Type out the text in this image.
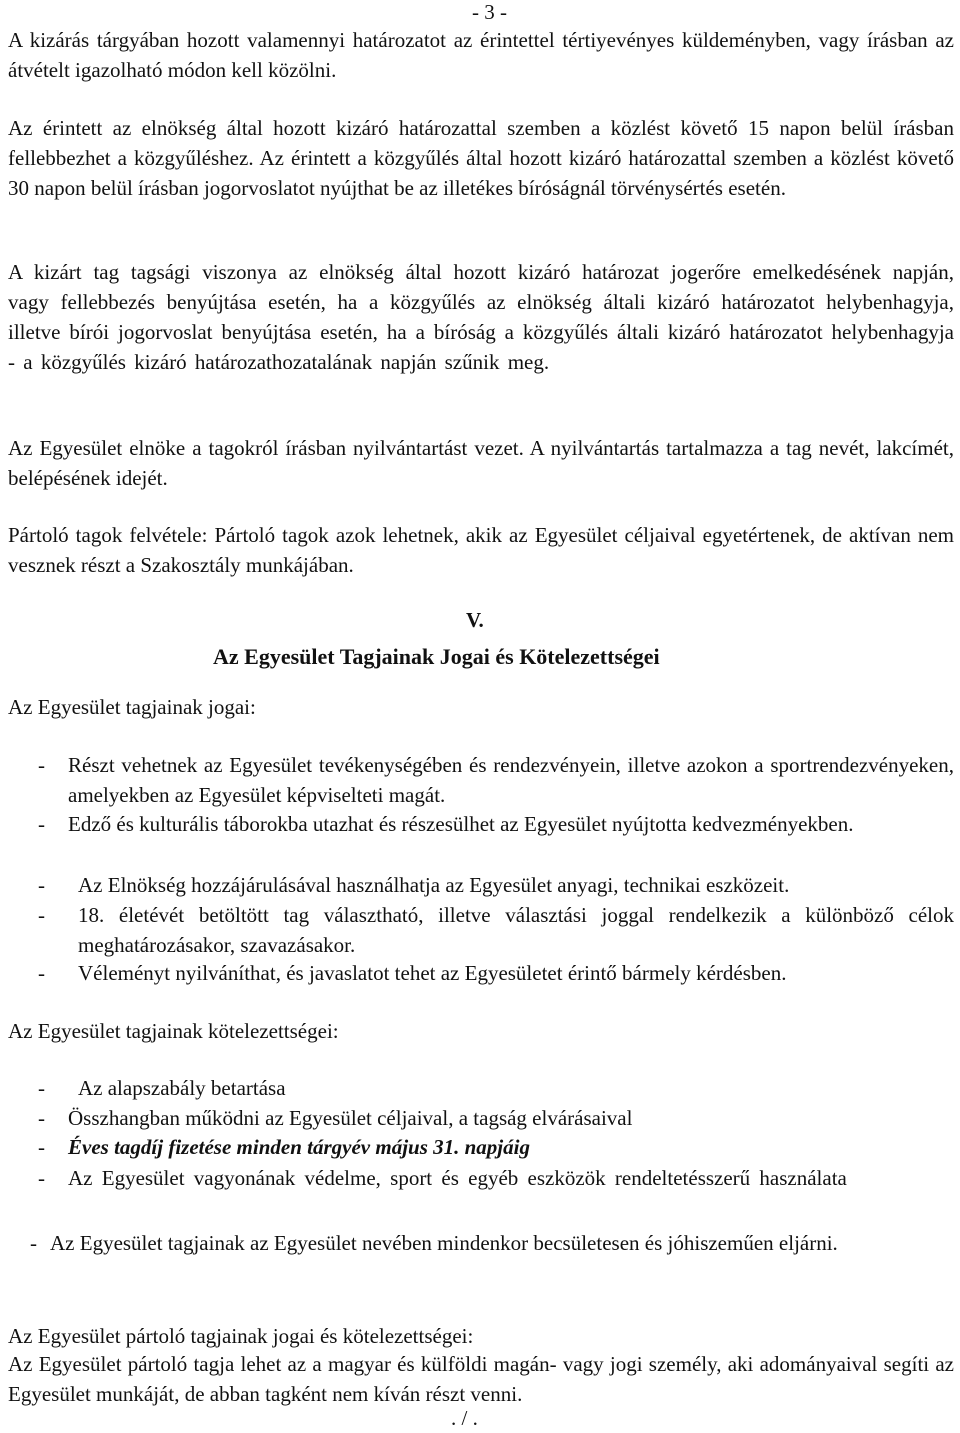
- 3 -

A kizárás tárgyában hozott valamennyi határozatot az érintettel tértiyevényes küldeményben, vagy írásban az átvételt igazolható módon kell közölni.

Az érintett az elnökség által hozott kizáró határozattal szemben a közlést követő 15 napon belül írásban fellebbezhet a közgyűléshez. Az érintett a közgyűlés által hozott kizáró határozattal szemben a közlést követő 30 napon belül írásban jogorvoslatot nyújthat be az illetékes bíróságnál törvénysértés esetén.

A kizárt tag tagsági viszonya az elnökség által hozott kizáró határozat jogerőre emelkedésének napján, vagy fellebbezés benyújtása esetén, ha a közgyűlés az elnökség általi kizáró határozatot helybenhagyja, illetve bírói jogorvoslat benyújtása esetén, ha a bíróság a közgyűlés általi kizáró határozatot helybenhagyja - a közgyűlés kizáró határozathozatalának napján szűnik meg.

Az Egyesület elnöke a tagokról írásban nyilvántartást vezet. A nyilvántartás tartalmazza a tag nevét, lakcímét, belépésének idejét.

Pártoló tagok felvétele: Pártoló tagok azok lehetnek, akik az Egyesület céljaival egyetértenek, de aktívan nem vesznek részt a Szakosztály munkájában.

V.
Az Egyesület Tagjainak Jogai és Kötelezettségei

Az Egyesület tagjainak jogai:

- Részt vehetnek az Egyesület tevékenységében és rendezvényein, illetve azokon a sportrendezvényeken, amelyekben az Egyesület képviselteti magát.
- Edző és kulturális táborokba utazhat és részesülhet az Egyesület nyújtotta kedvezményekben.
- Az Elnökség hozzájárulásával használhatja az Egyesület anyagi, technikai eszközeit.
- 18. életévét betöltött tag választható, illetve választási joggal rendelkezik a különböző célok meghatározásakor, szavazásakor.
- Véleményt nyilváníthat, és javaslatot tehet az Egyesületet érintő bármely kérdésben.

Az Egyesület tagjainak kötelezettségei:

- Az alapszabály betartása
- Összhangban működni az Egyesület céljaival, a tagság elvárásaival
- Éves tagdíj fizetése minden tárgyév május 31. napjáig
- Az Egyesület vagyonának védelme, sport és egyéb eszközök rendeltetésszerű használata
- Az Egyesület tagjainak az Egyesület nevében mindenkor becsületesen és jóhiszeműen eljárni.

Az Egyesület pártoló tagjainak jogai és kötelezettségei:

Az Egyesület pártoló tagja lehet az a magyar és külföldi magán- vagy jogi személy, aki adományaival segíti az Egyesület munkáját, de abban tagként nem kíván részt venni.

. / .
